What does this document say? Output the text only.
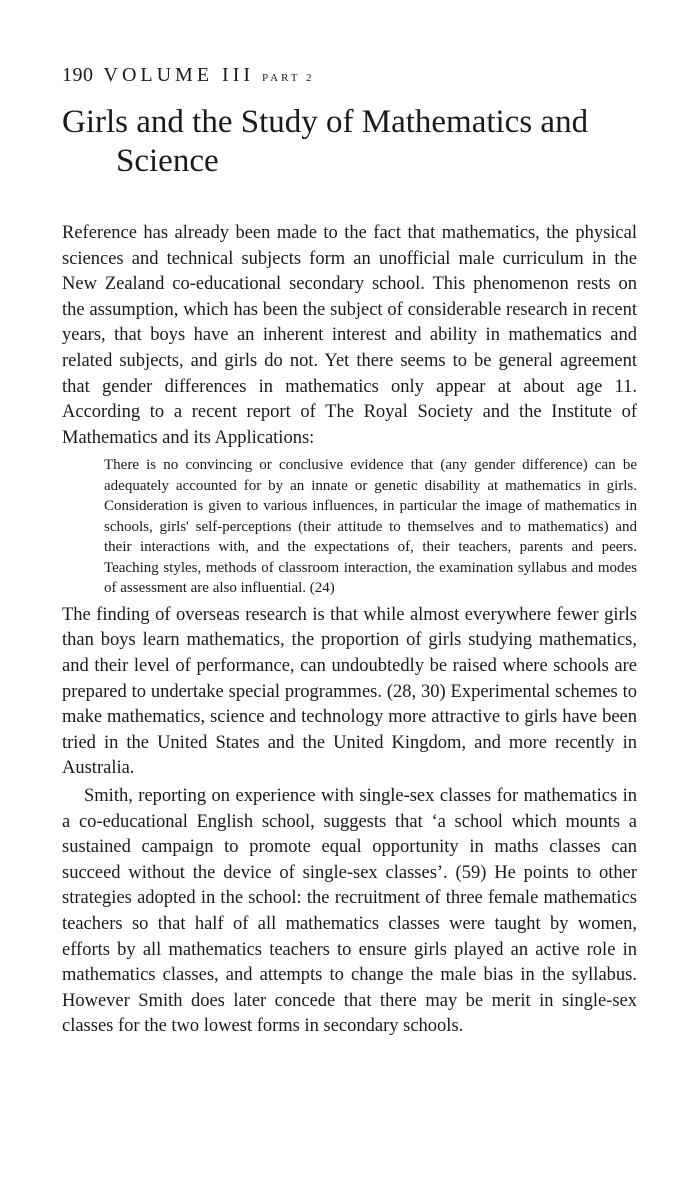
190 VOLUME III PART 2
Girls and the Study of Mathematics and Science

Reference has already been made to the fact that mathematics, the physical sciences and technical subjects form an unofficial male curriculum in the New Zealand co-educational secondary school. This phenomenon rests on the assumption, which has been the subject of considerable research in recent years, that boys have an inherent interest and ability in mathematics and related subjects, and girls do not. Yet there seems to be general agreement that gender differences in mathematics only appear at about age 11. According to a recent report of The Royal Society and the Institute of Mathematics and its Applications:

There is no convincing or conclusive evidence that (any gender difference) can be adequately accounted for by an innate or genetic disability at mathematics in girls. Consideration is given to various influences, in particular the image of mathematics in schools, girls' self-perceptions (their attitude to themselves and to mathematics) and their interactions with, and the expectations of, their teachers, parents and peers. Teaching styles, methods of classroom interaction, the examination syllabus and modes of assessment are also influential. (24)

The finding of overseas research is that while almost everywhere fewer girls than boys learn mathematics, the proportion of girls studying mathematics, and their level of performance, can undoubtedly be raised where schools are prepared to undertake special programmes. (28, 30) Experimental schemes to make mathematics, science and technology more attractive to girls have been tried in the United States and the United Kingdom, and more recently in Australia.

Smith, reporting on experience with single-sex classes for mathematics in a co-educational English school, suggests that ‘a school which mounts a sustained campaign to promote equal opportunity in maths classes can succeed without the device of single-sex classes’. (59) He points to other strategies adopted in the school: the recruitment of three female mathematics teachers so that half of all mathematics classes were taught by women, efforts by all mathematics teachers to ensure girls played an active role in mathematics classes, and attempts to change the male bias in the syllabus. However Smith does later concede that there may be merit in single-sex classes for the two lowest forms in secondary schools.
